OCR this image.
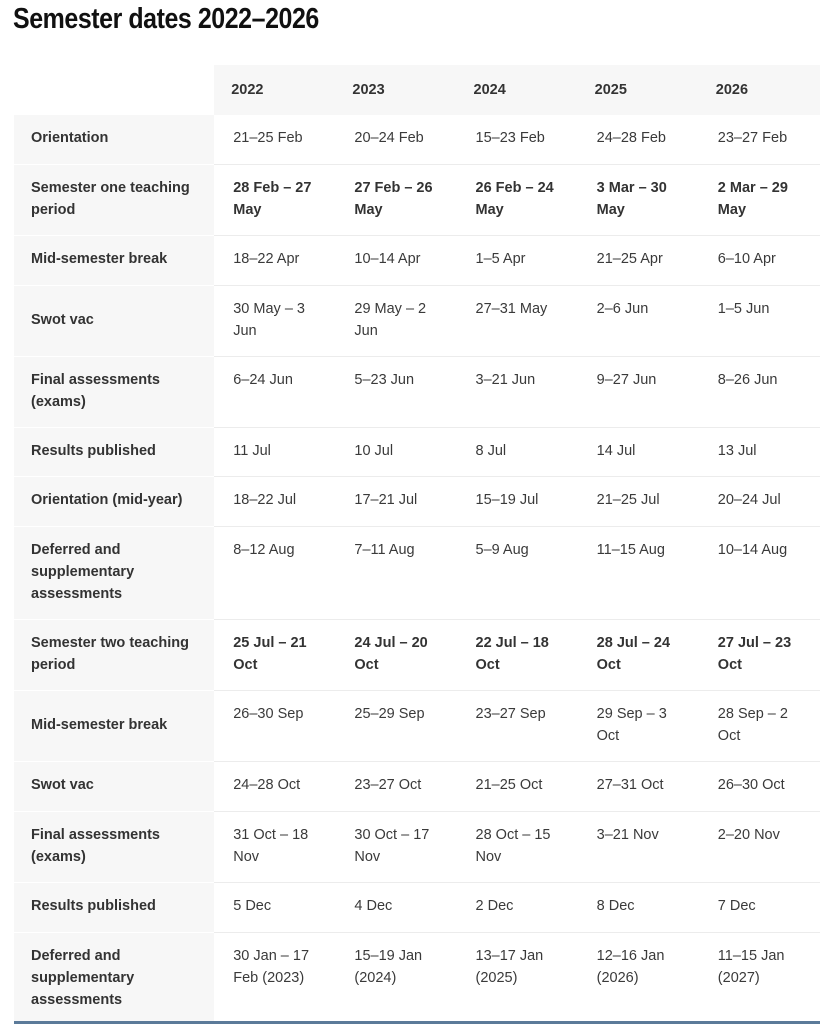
Semester dates 2022–2026
	2022	2023	2024	2025	2026
Orientation	21–25 Feb	20–24 Feb	15–23 Feb	24–28 Feb	23–27 Feb
Semester one teaching period	28 Feb – 27 May	27 Feb – 26 May	26 Feb – 24 May	3 Mar – 30 May	2 Mar – 29 May
Mid-semester break	18–22 Apr	10–14 Apr	1–5 Apr	21–25 Apr	6–10 Apr
Swot vac	30 May – 3 Jun	29 May – 2 Jun	27–31 May	2–6 Jun	1–5 Jun
Final assessments (exams)	6–24 Jun	5–23 Jun	3–21 Jun	9–27 Jun	8–26 Jun
Results published	11 Jul	10 Jul	8 Jul	14 Jul	13 Jul
Orientation (mid-year)	18–22 Jul	17–21 Jul	15–19 Jul	21–25 Jul	20–24 Jul
Deferred and supplementary assessments	8–12 Aug	7–11 Aug	5–9 Aug	11–15 Aug	10–14 Aug
Semester two teaching period	25 Jul – 21 Oct	24 Jul – 20 Oct	22 Jul – 18 Oct	28 Jul – 24 Oct	27 Jul – 23 Oct
Mid-semester break	26–30 Sep	25–29 Sep	23–27 Sep	29 Sep – 3 Oct	28 Sep – 2 Oct
Swot vac	24–28 Oct	23–27 Oct	21–25 Oct	27–31 Oct	26–30 Oct
Final assessments (exams)	31 Oct – 18 Nov	30 Oct – 17 Nov	28 Oct – 15 Nov	3–21 Nov	2–20 Nov
Results published	5 Dec	4 Dec	2 Dec	8 Dec	7 Dec
Deferred and supplementary assessments	30 Jan – 17 Feb (2023)	15–19 Jan (2024)	13–17 Jan (2025)	12–16 Jan (2026)	11–15 Jan (2027)
